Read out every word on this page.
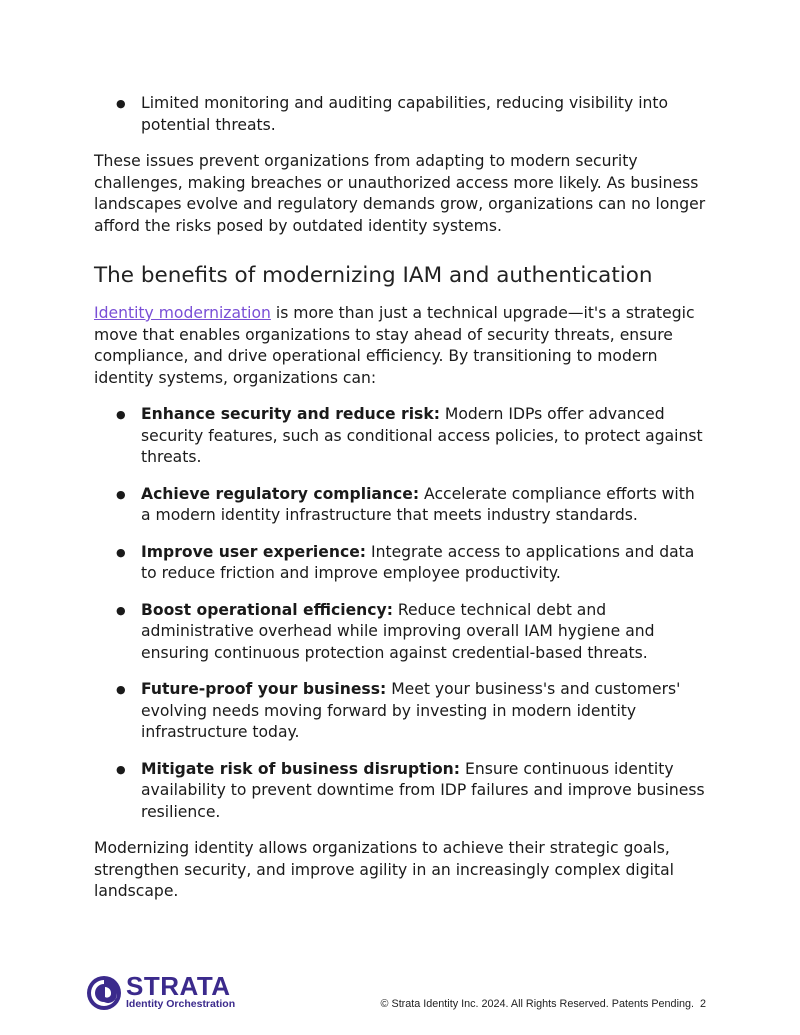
● Limited monitoring and auditing capabilities, reducing visibility into potential threats.

These issues prevent organizations from adapting to modern security challenges, making breaches or unauthorized access more likely. As business landscapes evolve and regulatory demands grow, organizations can no longer afford the risks posed by outdated identity systems.

The benefits of modernizing IAM and authentication

Identity modernization is more than just a technical upgrade—it's a strategic move that enables organizations to stay ahead of security threats, ensure compliance, and drive operational efficiency. By transitioning to modern identity systems, organizations can:

● Enhance security and reduce risk: Modern IDPs offer advanced security features, such as conditional access policies, to protect against threats.
● Achieve regulatory compliance: Accelerate compliance efforts with a modern identity infrastructure that meets industry standards.
● Improve user experience: Integrate access to applications and data to reduce friction and improve employee productivity.
● Boost operational efficiency: Reduce technical debt and administrative overhead while improving overall IAM hygiene and ensuring continuous protection against credential-based threats.
● Future-proof your business: Meet your business's and customers' evolving needs moving forward by investing in modern identity infrastructure today.
● Mitigate risk of business disruption: Ensure continuous identity availability to prevent downtime from IDP failures and improve business resilience.

Modernizing identity allows organizations to achieve their strategic goals, strengthen security, and improve agility in an increasingly complex digital landscape.

STRATA
Identity Orchestration	© Strata Identity Inc. 2024. All Rights Reserved. Patents Pending. 2
